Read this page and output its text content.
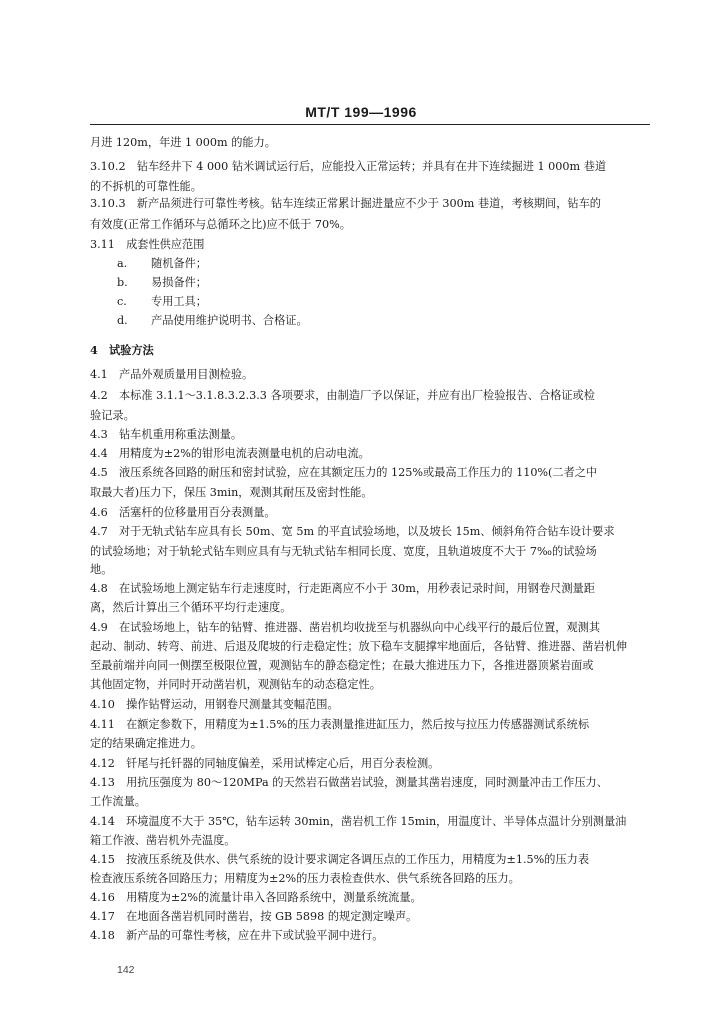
MT/T 199—1996
月进 120m，年进 1 000m 的能力。
3.10.2　钻车经井下 4 000 钻米调试运行后，应能投入正常运转；并具有在井下连续掘进 1 000m 巷道
的不拆机的可靠性能。
3.10.3　新产品须进行可靠性考核。钻车连续正常累计掘进量应不少于 300m 巷道，考核期间，钻车的
有效度(正常工作循环与总循环之比)应不低于 70%。
3.11　成套性供应范围
a. 随机备件；
b. 易损备件；
c. 专用工具；
d. 产品使用维护说明书、合格证。
4　试验方法
4.1　产品外观质量用目测检验。
4.2　本标准 3.1.1～3.1.8.3.2.3.3 各项要求，由制造厂予以保证，并应有出厂检验报告、合格证或检
验记录。
4.3　钻车机重用称重法测量。
4.4　用精度为±2%的钳形电流表测量电机的启动电流。
4.5　液压系统各回路的耐压和密封试验，应在其额定压力的 125%或最高工作压力的 110%(二者之中
取最大者)压力下，保压 3min，观测其耐压及密封性能。
4.6　活塞杆的位移量用百分表测量。
4.7　对于无轨式钻车应具有长 50m、宽 5m 的平直试验场地，以及坡长 15m、倾斜角符合钻车设计要求
的试验场地；对于轨轮式钻车则应具有与无轨式钻车相同长度、宽度，且轨道坡度不大于 7‰的试验场
地。
4.8　在试验场地上测定钻车行走速度时，行走距离应不小于 30m，用秒表记录时间，用钢卷尺测量距
离，然后计算出三个循环平均行走速度。
4.9　在试验场地上，钻车的钻臂、推进器、凿岩机均收拢至与机器纵向中心线平行的最后位置，观测其
起动、制动、转弯、前进、后退及爬坡的行走稳定性；放下稳车支腿撑牢地面后，各钻臂、推进器、凿岩机伸
至最前端并向同一侧摆至极限位置，观测钻车的静态稳定性；在最大推进压力下，各推进器顶紧岩面或
其他固定物，并同时开动凿岩机，观测钻车的动态稳定性。
4.10　操作钻臂运动，用钢卷尺测量其变幅范围。
4.11　在额定参数下，用精度为±1.5%的压力表测量推进缸压力，然后按与拉压力传感器测试系统标
定的结果确定推进力。
4.12　钎尾与托钎器的同轴度偏差，采用试棒定心后，用百分表检测。
4.13　用抗压强度为 80～120MPa 的天然岩石做凿岩试验，测量其凿岩速度，同时测量冲击工作压力、
工作流量。
4.14　环境温度不大于 35℃，钻车运转 30min，凿岩机工作 15min，用温度计、半导体点温计分别测量油
箱工作液、凿岩机外壳温度。
4.15　按液压系统及供水、供气系统的设计要求调定各调压点的工作压力，用精度为±1.5%的压力表
检查液压系统各回路压力；用精度为±2%的压力表检查供水、供气系统各回路的压力。
4.16　用精度为±2%的流量计串入各回路系统中，测量系统流量。
4.17　在地面各凿岩机同时凿岩，按 GB 5898 的规定测定噪声。
4.18　新产品的可靠性考核，应在井下或试验平洞中进行。
142
